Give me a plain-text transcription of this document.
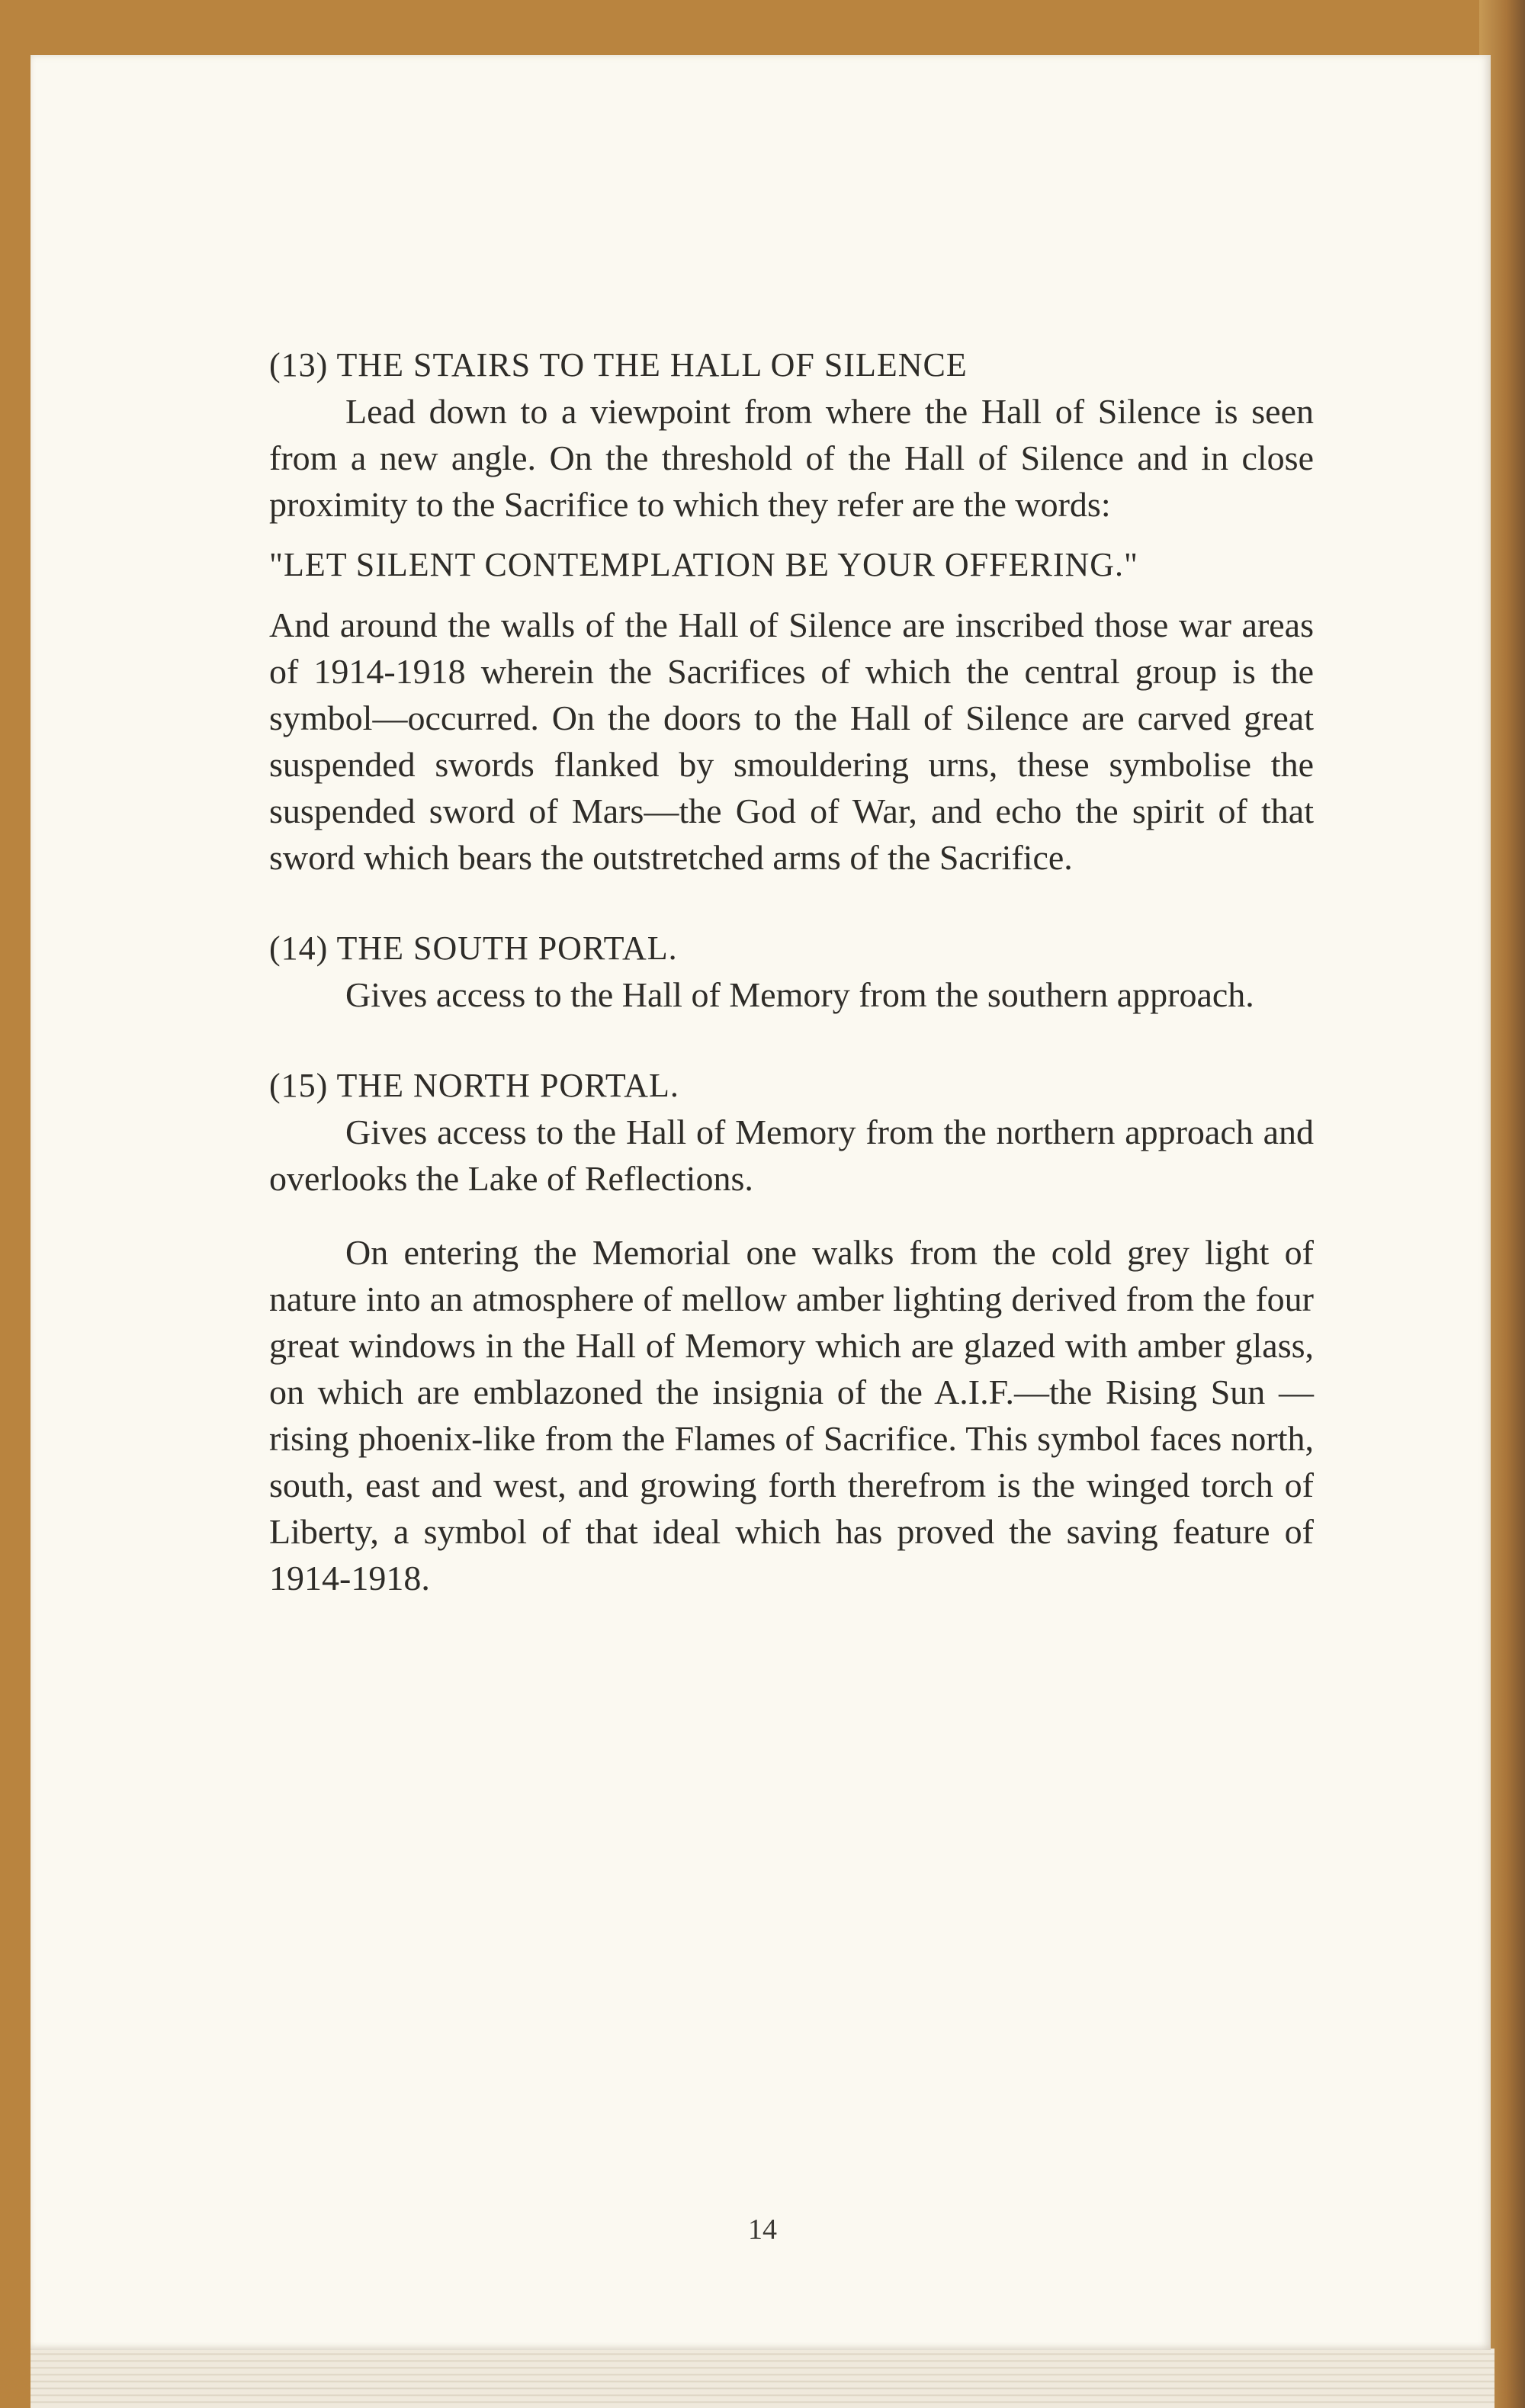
(13) THE STAIRS TO THE HALL OF SILENCE

Lead down to a viewpoint from where the Hall of Silence is seen from a new angle. On the threshold of the Hall of Silence and in close proximity to the Sacrifice to which they refer are the words:

"LET SILENT CONTEMPLATION BE YOUR OFFERING."

And around the walls of the Hall of Silence are inscribed those war areas of 1914-1918 wherein the Sacrifices of which the central group is the symbol—occurred. On the doors to the Hall of Silence are carved great suspended swords flanked by smouldering urns, these symbolise the suspended sword of Mars—the God of War, and echo the spirit of that sword which bears the outstretched arms of the Sacrifice.

(14) THE SOUTH PORTAL.

Gives access to the Hall of Memory from the southern approach.

(15) THE NORTH PORTAL.

Gives access to the Hall of Memory from the northern approach and overlooks the Lake of Reflections.

On entering the Memorial one walks from the cold grey light of nature into an atmosphere of mellow amber lighting derived from the four great windows in the Hall of Memory which are glazed with amber glass, on which are emblazoned the insignia of the A.I.F.—the Rising Sun —rising phoenix-like from the Flames of Sacrifice. This symbol faces north, south, east and west, and growing forth therefrom is the winged torch of Liberty, a symbol of that ideal which has proved the saving feature of 1914-1918.

14
